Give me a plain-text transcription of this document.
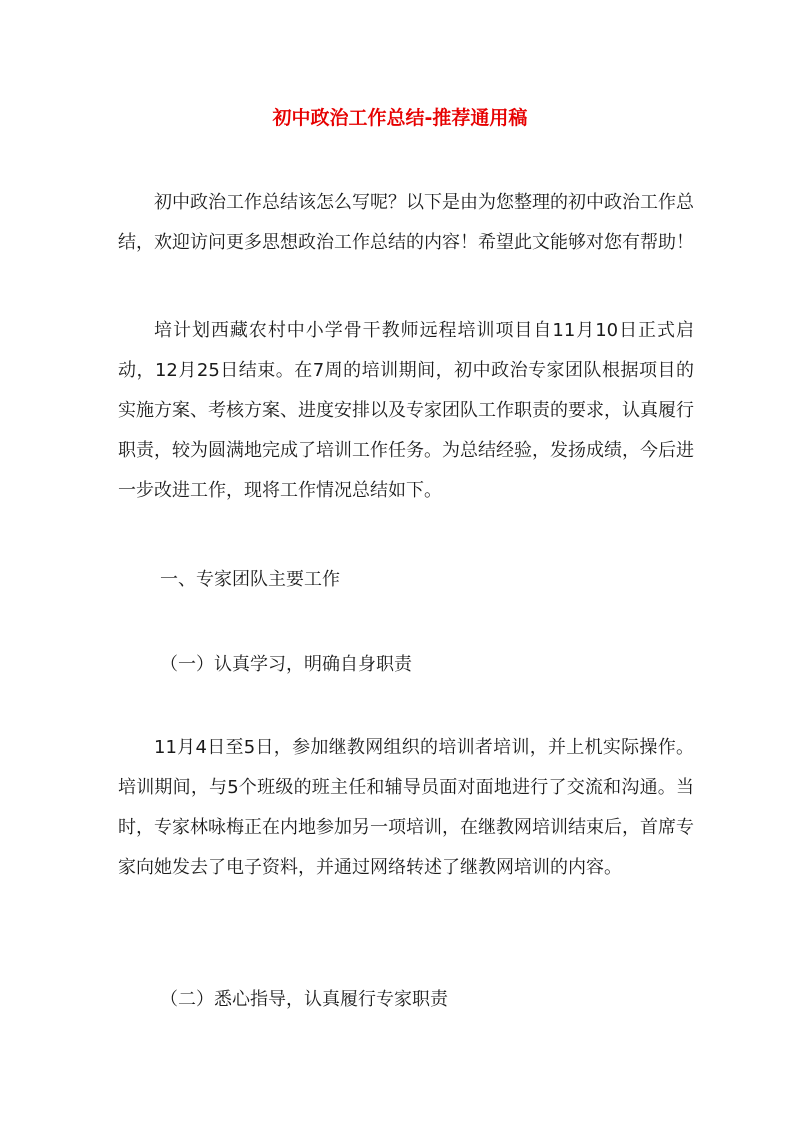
初中政治工作总结-推荐通用稿

初中政治工作总结该怎么写呢？以下是由为您整理的初中政治工作总结，欢迎访问更多思想政治工作总结的内容！希望此文能够对您有帮助！

培计划西藏农村中小学骨干教师远程培训项目自11月10日正式启动，12月25日结束。在7周的培训期间，初中政治专家团队根据项目的实施方案、考核方案、进度安排以及专家团队工作职责的要求，认真履行职责，较为圆满地完成了培训工作任务。为总结经验，发扬成绩，今后进一步改进工作，现将工作情况总结如下。

一、专家团队主要工作

（一）认真学习，明确自身职责

11月4日至5日，参加继教网组织的培训者培训，并上机实际操作。培训期间，与5个班级的班主任和辅导员面对面地进行了交流和沟通。当时，专家林咏梅正在内地参加另一项培训，在继教网培训结束后，首席专家向她发去了电子资料，并通过网络转述了继教网培训的内容。

（二）悉心指导，认真履行专家职责
